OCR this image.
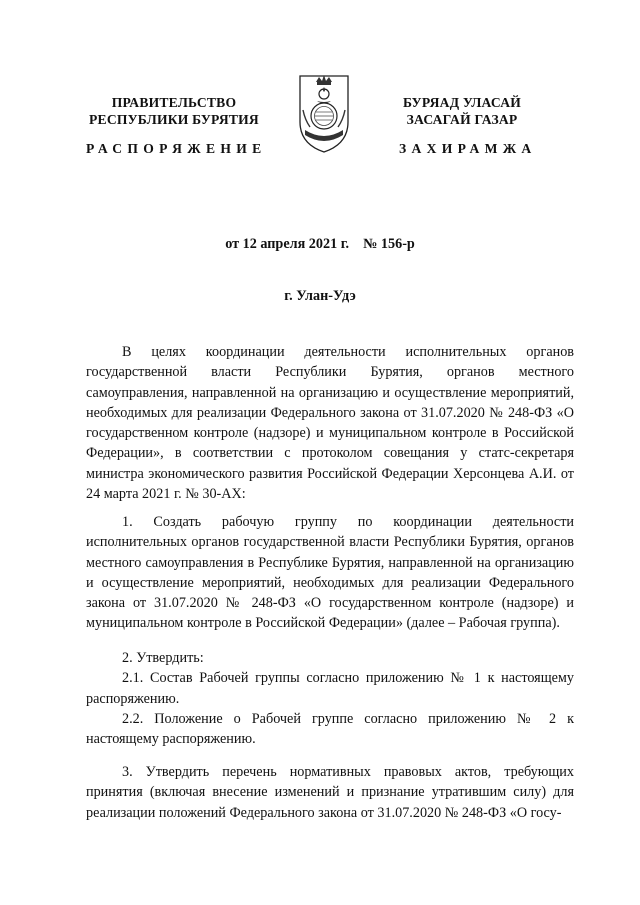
ПРАВИТЕЛЬСТВО
РЕСПУБЛИКИ БУРЯТИЯ
БУРЯАД УЛАСАЙ
ЗАСАГАЙ ГАЗАР
РАСПОРЯЖЕНИЕ	ЗАХИРАМЖА
от 12 апреля 2021 г. № 156-р
г. Улан-Удэ
В целях координации деятельности исполнительных органов государственной власти Республики Бурятия, органов местного самоуправления, направленной на организацию и осуществление мероприятий, необходимых для реализации Федерального закона от 31.07.2020 № 248-ФЗ «О государственном контроле (надзоре) и муниципальном контроле в Российской Федерации», в соответствии с протоколом совещания у статс-секретаря министра экономического развития Российской Федерации Херсонцева А.И. от 24 марта 2021 г. № 30-АХ:
1. Создать рабочую группу по координации деятельности исполнительных органов государственной власти Республики Бурятия, органов местного самоуправления в Республике Бурятия, направленной на организацию и осуществление мероприятий, необходимых для реализации Федерального закона от 31.07.2020 № 248-ФЗ «О государственном контроле (надзоре) и муниципальном контроле в Российской Федерации» (далее – Рабочая группа).
2. Утвердить:
2.1. Состав Рабочей группы согласно приложению № 1 к настоящему распоряжению.
2.2. Положение о Рабочей группе согласно приложению № 2 к настоящему распоряжению.
3. Утвердить перечень нормативных правовых актов, требующих принятия (включая внесение изменений и признание утратившим силу) для реализации положений Федерального закона от 31.07.2020 № 248-ФЗ «О госу-
